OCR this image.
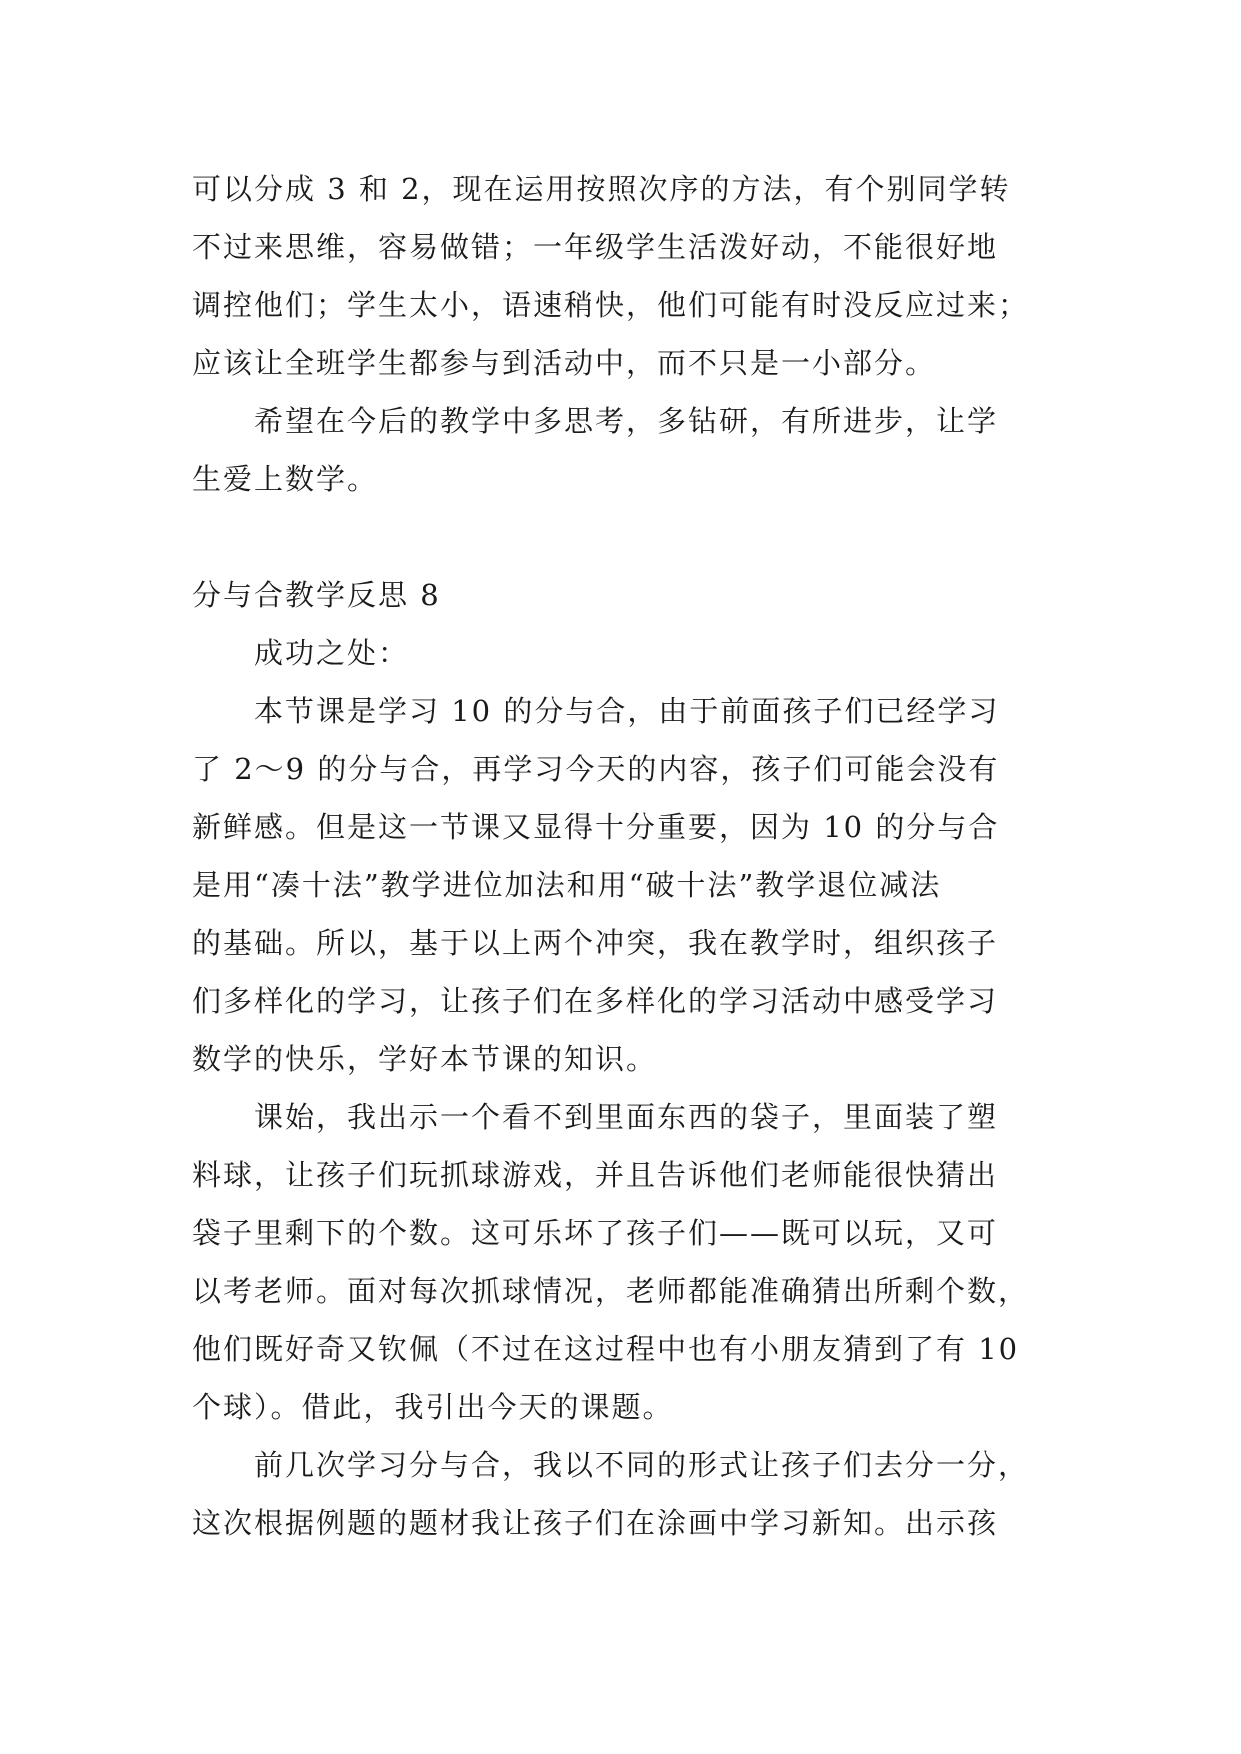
可以分成 3 和 2，现在运用按照次序的方法，有个别同学转
不过来思维，容易做错；一年级学生活泼好动，不能很好地
调控他们；学生太小，语速稍快，他们可能有时没反应过来；
应该让全班学生都参与到活动中，而不只是一小部分。
希望在今后的教学中多思考，多钻研，有所进步，让学
生爱上数学。
分与合教学反思 8
成功之处：
本节课是学习 10 的分与合，由于前面孩子们已经学习
了 2～9 的分与合，再学习今天的内容，孩子们可能会没有
新鲜感。但是这一节课又显得十分重要，因为 10 的分与合
是用“凑十法”教学进位加法和用“破十法”教学退位减法
的基础。所以，基于以上两个冲突，我在教学时，组织孩子
们多样化的学习，让孩子们在多样化的学习活动中感受学习
数学的快乐，学好本节课的知识。
课始，我出示一个看不到里面东西的袋子，里面装了塑
料球，让孩子们玩抓球游戏，并且告诉他们老师能很快猜出
袋子里剩下的个数。这可乐坏了孩子们——既可以玩，又可
以考老师。面对每次抓球情况，老师都能准确猜出所剩个数，
他们既好奇又钦佩（不过在这过程中也有小朋友猜到了有 10
个球）。借此，我引出今天的课题。
前几次学习分与合，我以不同的形式让孩子们去分一分，
这次根据例题的题材我让孩子们在涂画中学习新知。出示孩
